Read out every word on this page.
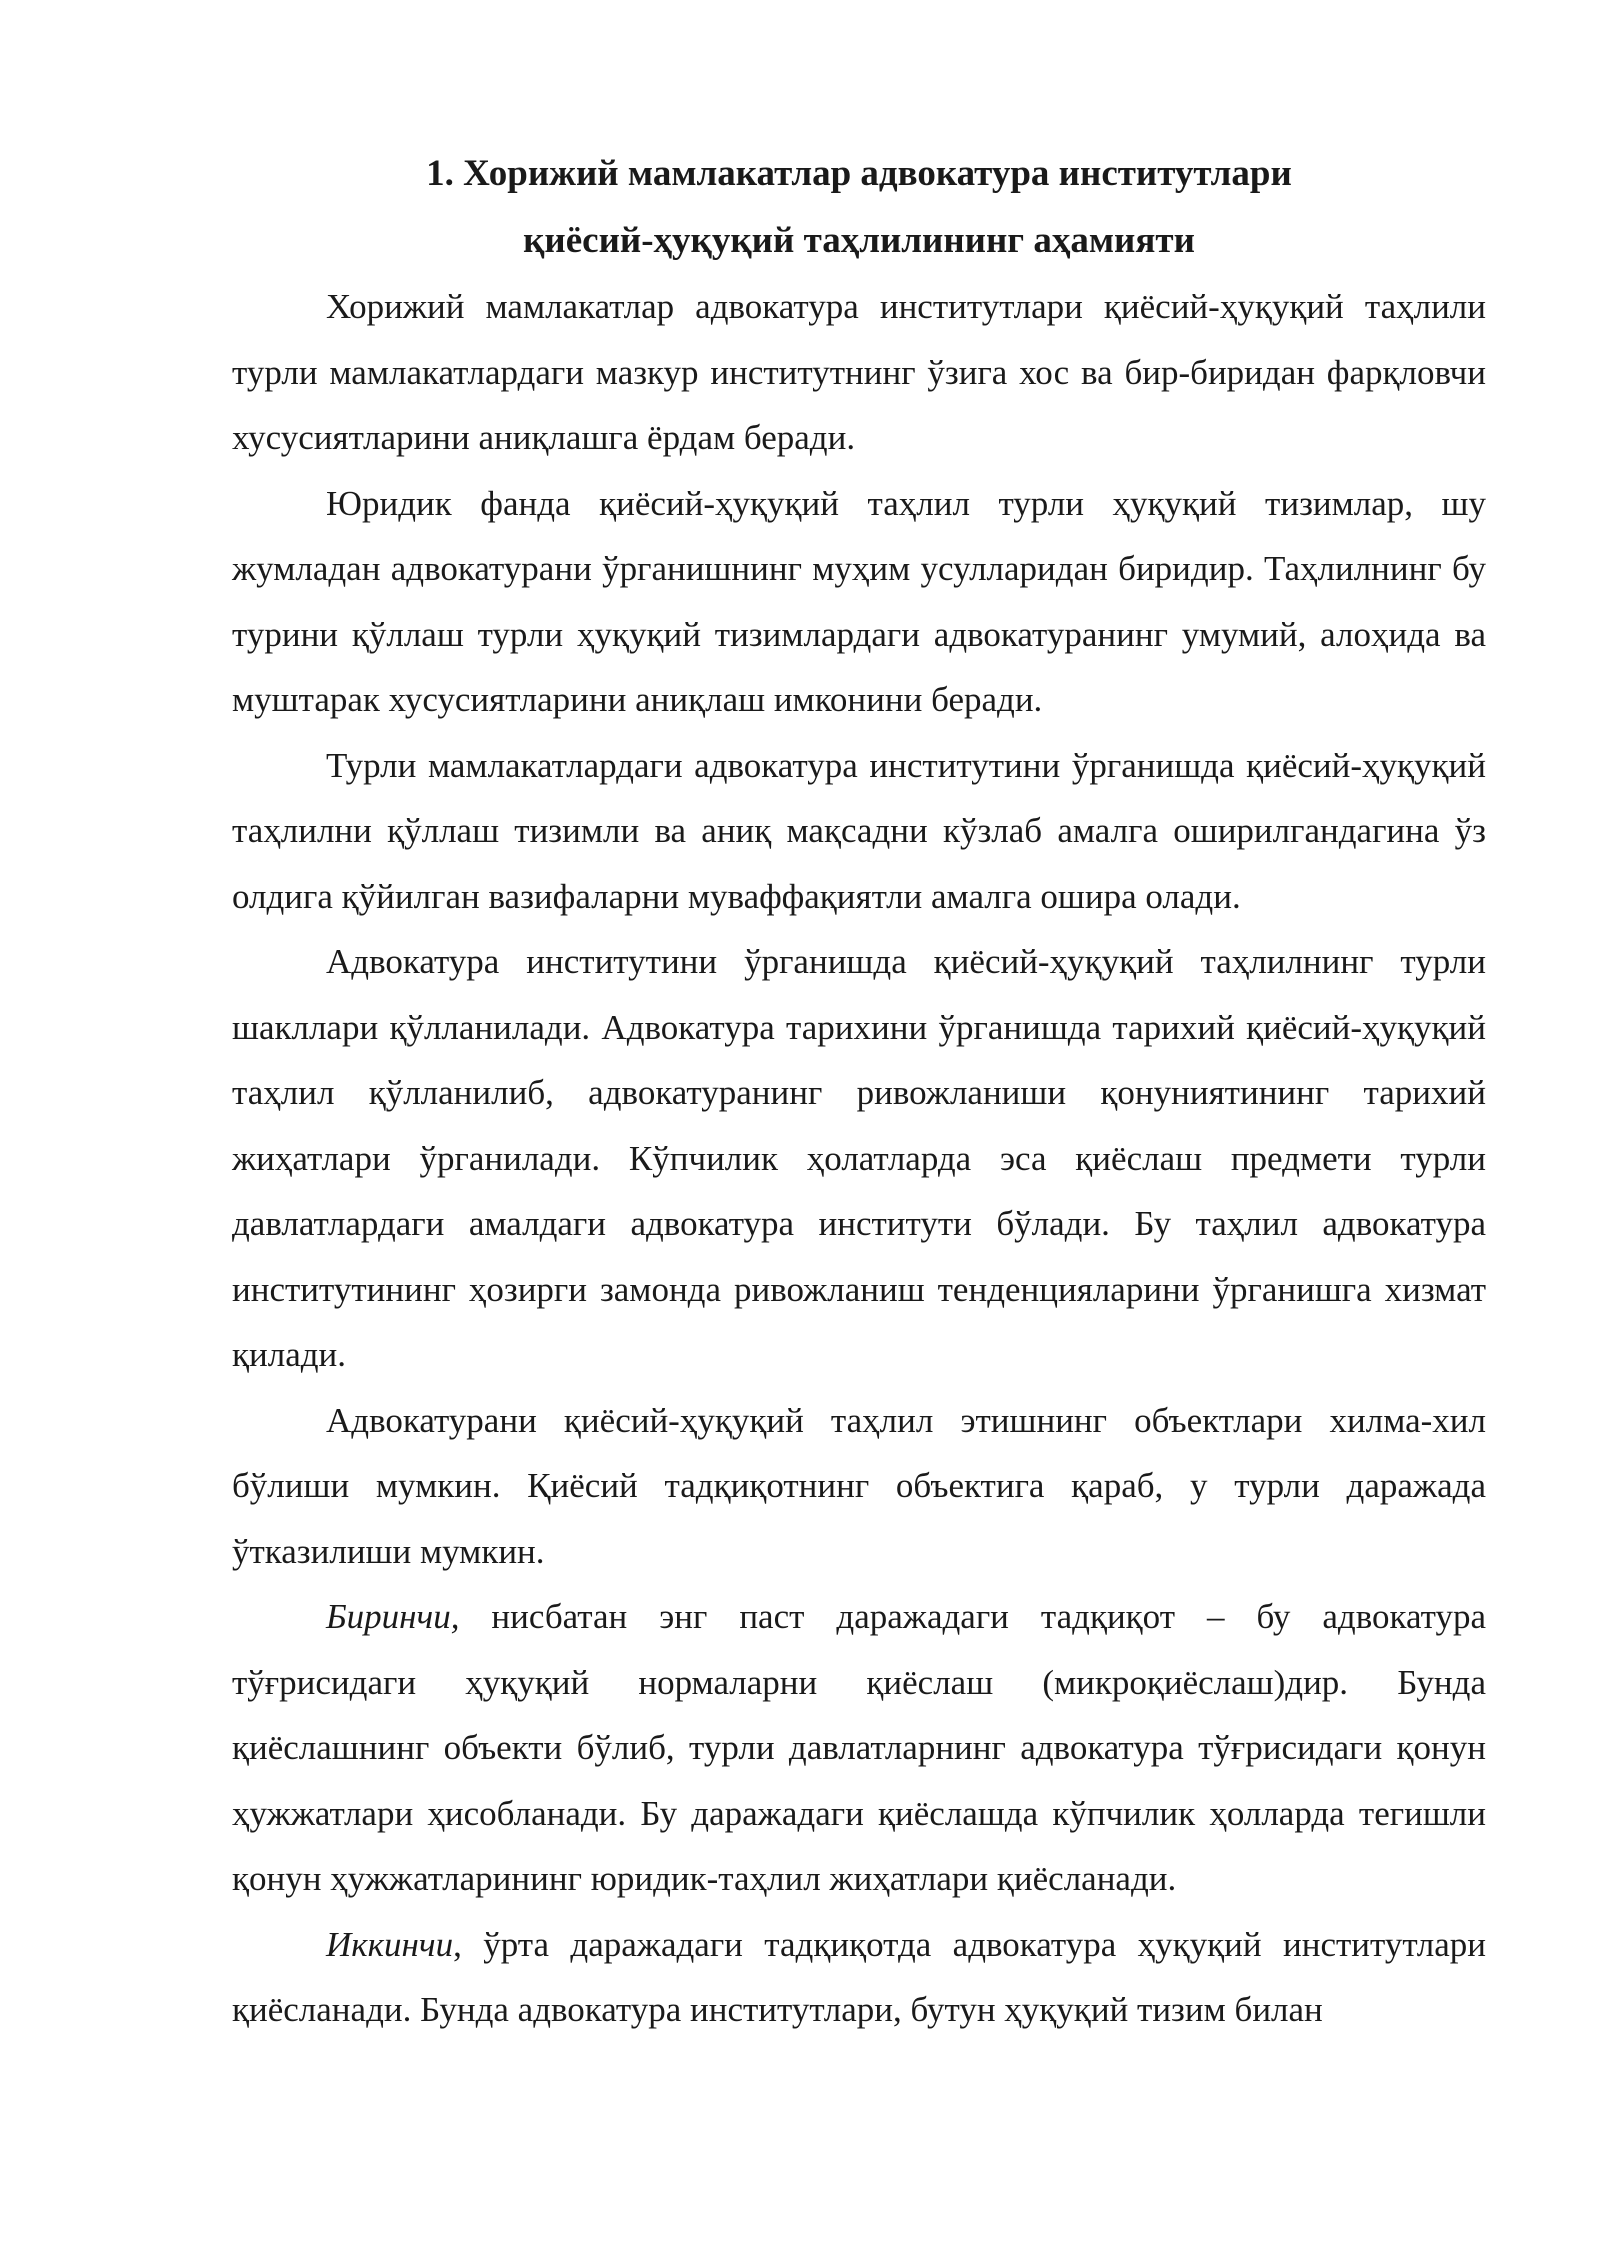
1. Хорижий мамлакатлар адвокатура институтлари
қиёсий-ҳуқуқий таҳлилининг аҳамияти

Хорижий мамлакатлар адвокатура институтлари қиёсий-ҳуқуқий таҳлили турли мамлакатлардаги мазкур институтнинг ўзига хос ва бир-биридан фарқловчи хусусиятларини аниқлашга ёрдам беради.

Юридик фанда қиёсий-ҳуқуқий таҳлил турли ҳуқуқий тизимлар, шу жумладан адвокатурани ўрганишнинг муҳим усулларидан биридир. Таҳлилнинг бу турини қўллаш турли ҳуқуқий тизимлардаги адвокатуранинг умумий, алоҳида ва муштарак хусусиятларини аниқлаш имконини беради.

Турли мамлакатлардаги адвокатура институтини ўрганишда қиёсий-ҳуқуқий таҳлилни қўллаш тизимли ва аниқ мақсадни кўзлаб амалга оширилгандагина ўз олдига қўйилган вазифаларни муваффақиятли амалга ошира олади.

Адвокатура институтини ўрганишда қиёсий-ҳуқуқий таҳлилнинг турли шакллари қўлланилади. Адвокатура тарихини ўрганишда тарихий қиёсий-ҳуқуқий таҳлил қўлланилиб, адвокатуранинг ривожланиши қонуниятининг тарихий жиҳатлари ўрганилади. Кўпчилик ҳолатларда эса қиёслаш предмети турли давлатлардаги амалдаги адвокатура институти бўлади. Бу таҳлил адвокатура институтининг ҳозирги замонда ривожланиш тенденцияларини ўрганишга хизмат қилади.

Адвокатурани қиёсий-ҳуқуқий таҳлил этишнинг объектлари хилма-хил бўлиши мумкин. Қиёсий тадқиқотнинг объектига қараб, у турли даражада ўтказилиши мумкин.

Биринчи, нисбатан энг паст даражадаги тадқиқот – бу адвокатура тўғрисидаги ҳуқуқий нормаларни қиёслаш (микроқиёслаш)дир. Бунда қиёслашнинг объекти бўлиб, турли давлатларнинг адвокатура тўғрисидаги қонун ҳужжатлари ҳисобланади. Бу даражадаги қиёслашда кўпчилик ҳолларда тегишли қонун ҳужжатларининг юридик-таҳлил жиҳатлари қиёсланади.

Иккинчи, ўрта даражадаги тадқиқотда адвокатура ҳуқуқий институтлари қиёсланади. Бунда адвокатура институтлари, бутун ҳуқуқий тизим билан
